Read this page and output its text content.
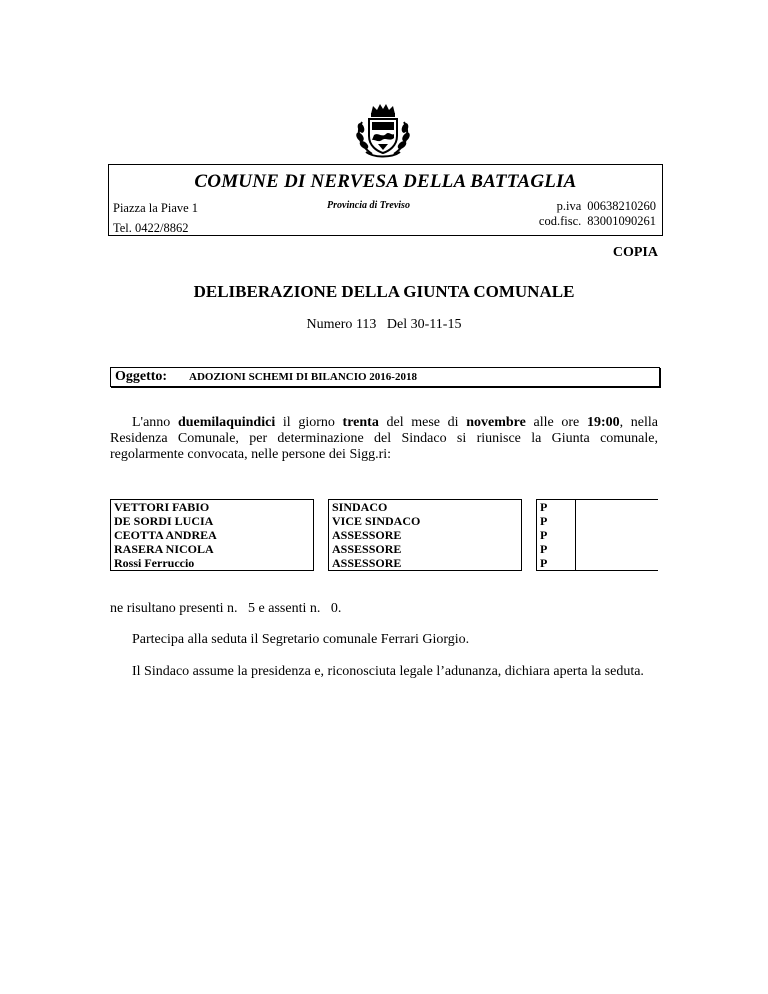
COMUNE DI NERVESA DELLA BATTAGLIA
Piazza la Piave 1	Provincia di Treviso
Tel. 0422/8862
p.iva 00638210260
cod.fisc. 83001090261
COPIA
DELIBERAZIONE DELLA GIUNTA COMUNALE
Numero 113 Del 30-11-15
Oggetto: ADOZIONI SCHEMI DI BILANCIO 2016-2018
L'anno duemilaquindici il giorno trenta del mese di novembre alle ore 19:00, nella Residenza Comunale, per determinazione del Sindaco si riunisce la Giunta comunale, regolarmente convocata, nelle persone dei Sigg.ri:
VETTORI FABIO		SINDACO		P	
DE SORDI LUCIA		VICE SINDACO		P	
CEOTTA ANDREA		ASSESSORE		P	
RASERA NICOLA		ASSESSORE		P	
Rossi Ferruccio		ASSESSORE		P	
ne risultano presenti n. 5 e assenti n. 0.
Partecipa alla seduta il Segretario comunale Ferrari Giorgio.
Il Sindaco assume la presidenza e, riconosciuta legale l’adunanza, dichiara aperta la seduta.
